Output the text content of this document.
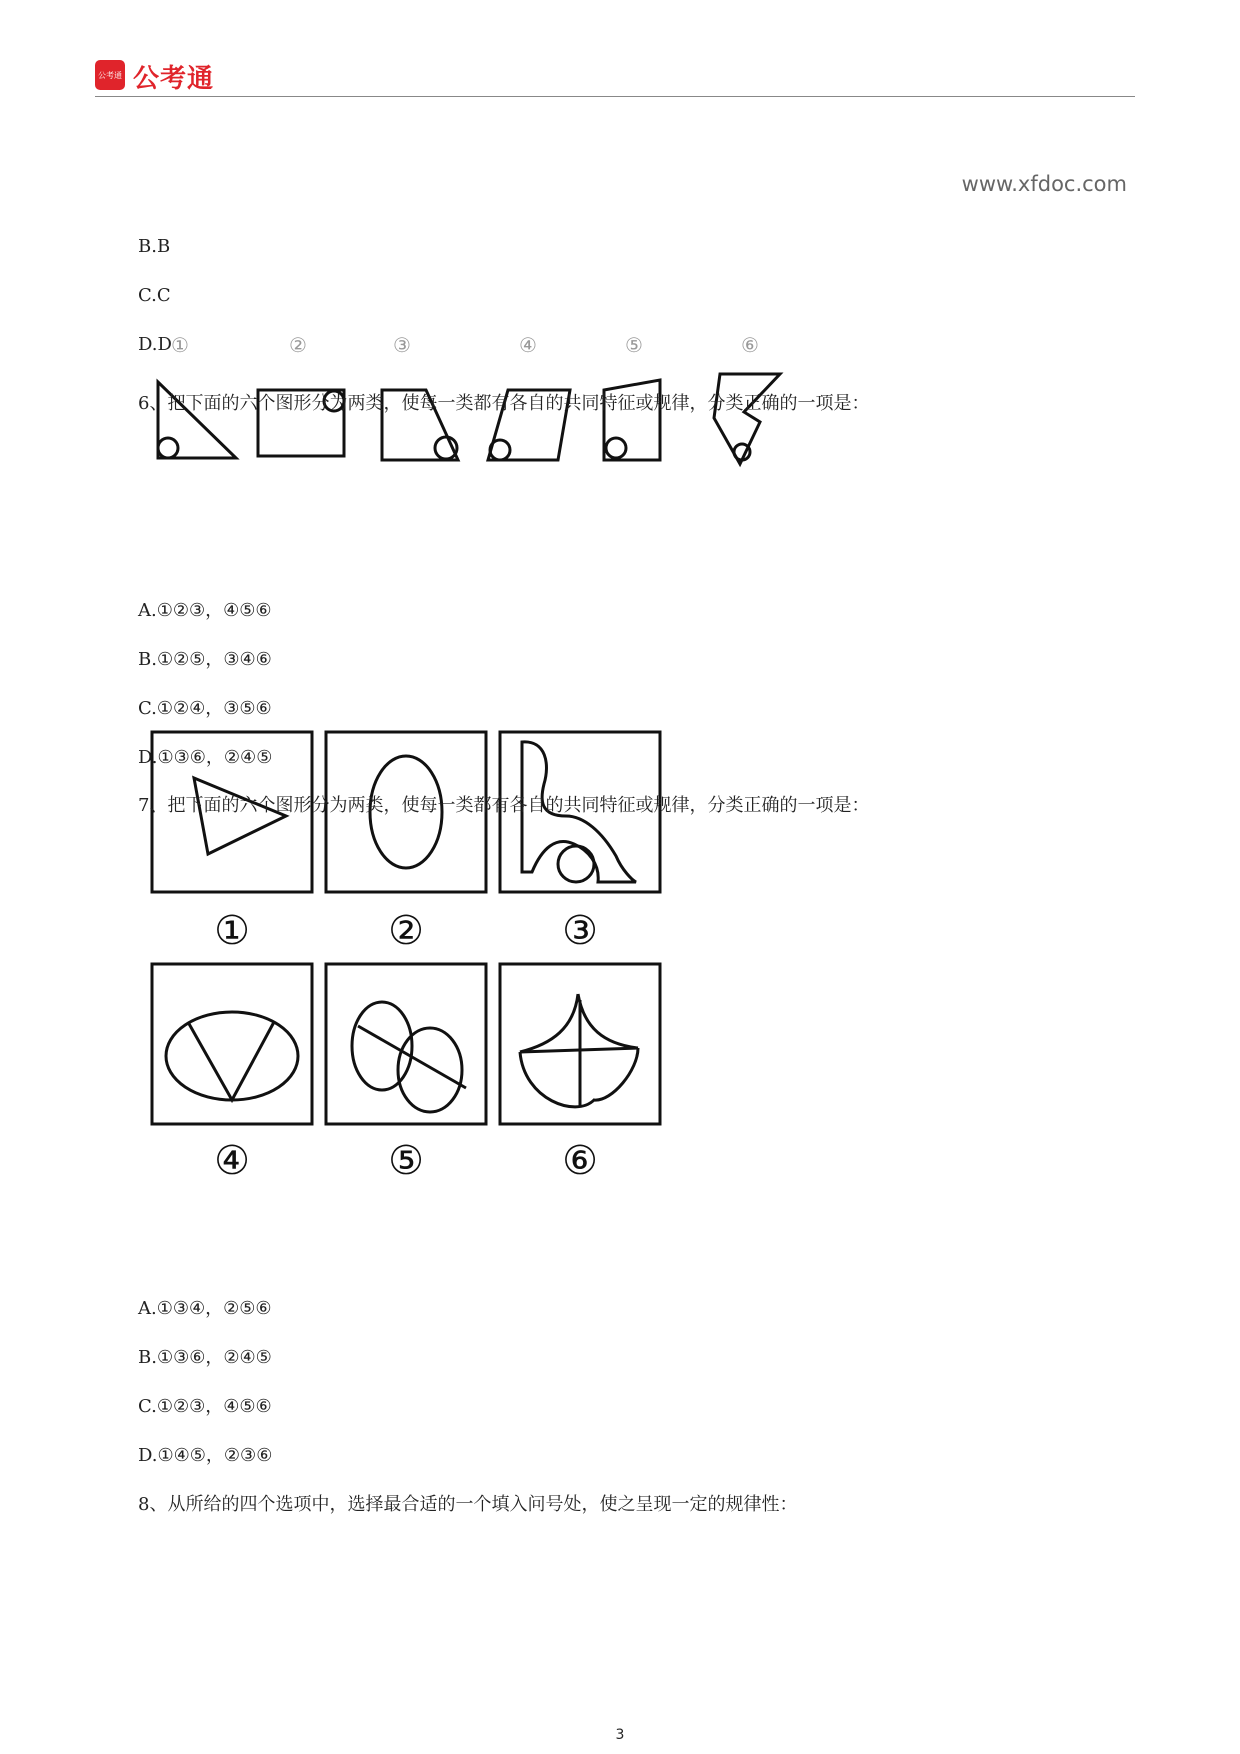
公考通 公考通
www.xfdoc.com
B.B
C.C
D.D ①	②	③	④	⑤	⑥
6、把下面的六个图形分为两类，使每一类都有各自的共同特征或规律，分类正确的一项是：
A.①②③，④⑤⑥
B.①②⑤，③④⑥
C.①②④，③⑤⑥
D.①③⑥，②④⑤
①	②	③
④	⑤	⑥
7、把下面的六个图形分为两类，使每一类都有各自的共同特征或规律，分类正确的一项是：
A.①③④，②⑤⑥
B.①③⑥，②④⑤
C.①②③，④⑤⑥
D.①④⑤，②③⑥
8、从所给的四个选项中，选择最合适的一个填入问号处，使之呈现一定的规律性：
3
